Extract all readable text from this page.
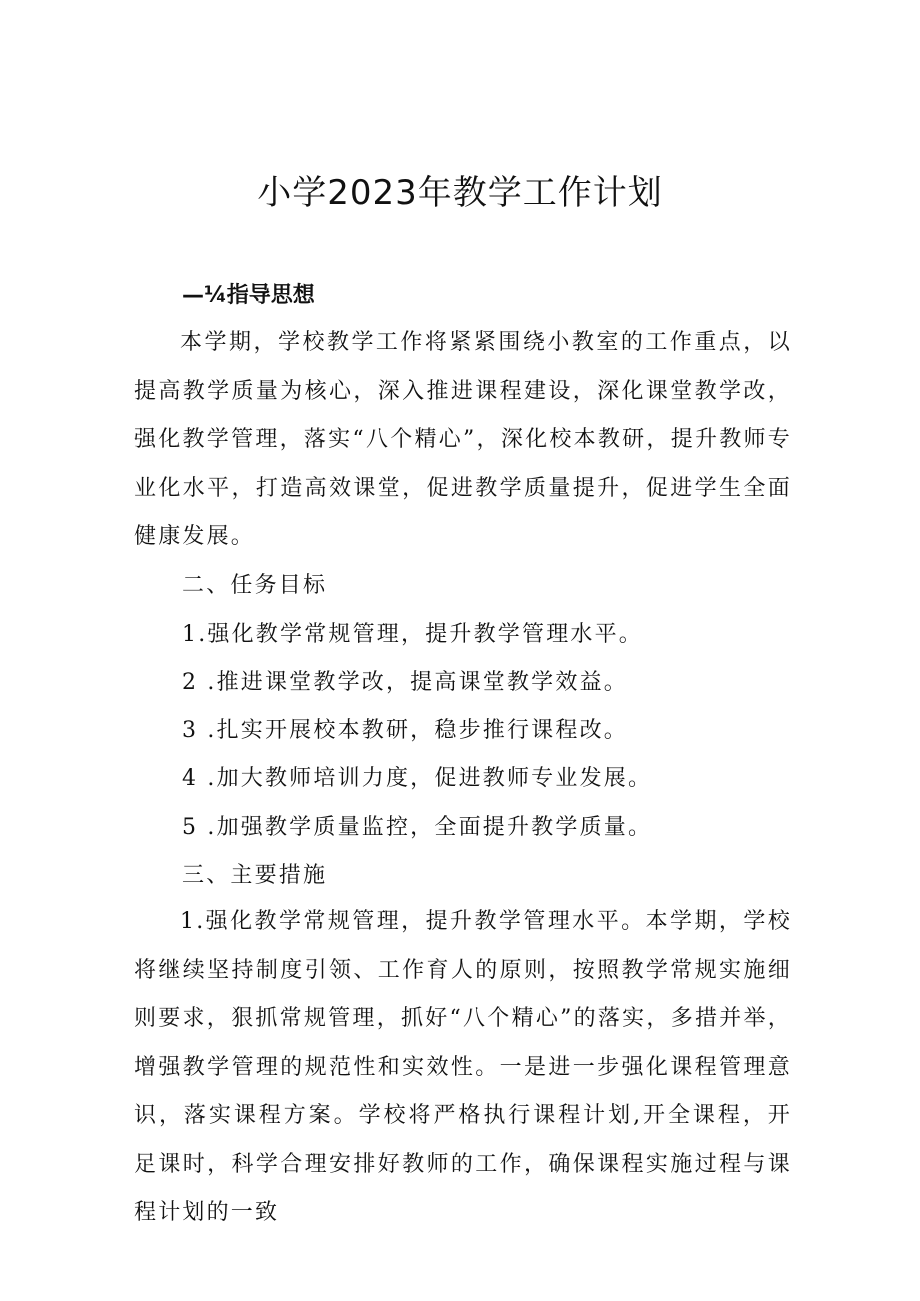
小学2023年教学工作计划
—¼指导思想

本学期，学校教学工作将紧紧围绕小教室的工作重点，以提高教学质量为核心，深入推进课程建设，深化课堂教学改，强化教学管理，落实“八个精心”，深化校本教研，提升教师专业化水平，打造高效课堂，促进教学质量提升，促进学生全面健康发展。

二、任务目标
1.强化教学常规管理，提升教学管理水平。
2 .推进课堂教学改，提高课堂教学效益。
3 .扎实开展校本教研，稳步推行课程改。
4 .加大教师培训力度，促进教师专业发展。
5 .加强教学质量监控，全面提升教学质量。
三、主要措施

1.强化教学常规管理，提升教学管理水平。本学期，学校将继续坚持制度引领、工作育人的原则，按照教学常规实施细则要求，狠抓常规管理，抓好“八个精心”的落实，多措并举，增强教学管理的规范性和实效性。一是进一步强化课程管理意识，落实课程方案。学校将严格执行课程计划,开全课程，开足课时，科学合理安排好教师的工作，确保课程实施过程与课程计划的一致
